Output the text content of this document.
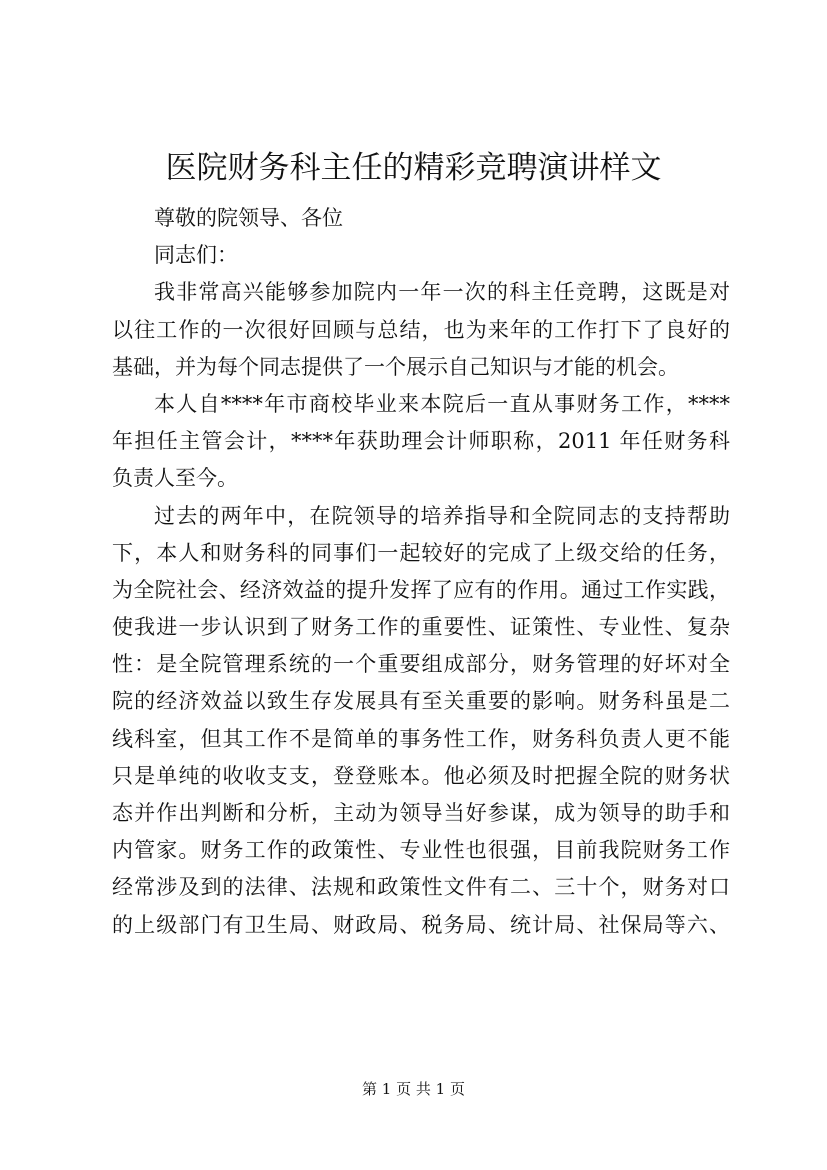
医院财务科主任的精彩竞聘演讲样文
尊敬的院领导、各位
同志们：
我非常高兴能够参加院内一年一次的科主任竞聘，这既是对
以往工作的一次很好回顾与总结，也为来年的工作打下了良好的
基础，并为每个同志提供了一个展示自己知识与才能的机会。
本人自****年市商校毕业来本院后一直从事财务工作，****
年担任主管会计，****年获助理会计师职称，2011 年任财务科
负责人至今。
过去的两年中，在院领导的培养指导和全院同志的支持帮助
下，本人和财务科的同事们一起较好的完成了上级交给的任务，
为全院社会、经济效益的提升发挥了应有的作用。通过工作实践，
使我进一步认识到了财务工作的重要性、证策性、专业性、复杂
性：是全院管理系统的一个重要组成部分，财务管理的好坏对全
院的经济效益以致生存发展具有至关重要的影响。财务科虽是二
线科室，但其工作不是简单的事务性工作，财务科负责人更不能
只是单纯的收收支支，登登账本。他必须及时把握全院的财务状
态并作出判断和分析，主动为领导当好参谋，成为领导的助手和
内管家。财务工作的政策性、专业性也很强，目前我院财务工作
经常涉及到的法律、法规和政策性文件有二、三十个，财务对口
的上级部门有卫生局、财政局、税务局、统计局、社保局等六、
第 1 页 共 1 页
